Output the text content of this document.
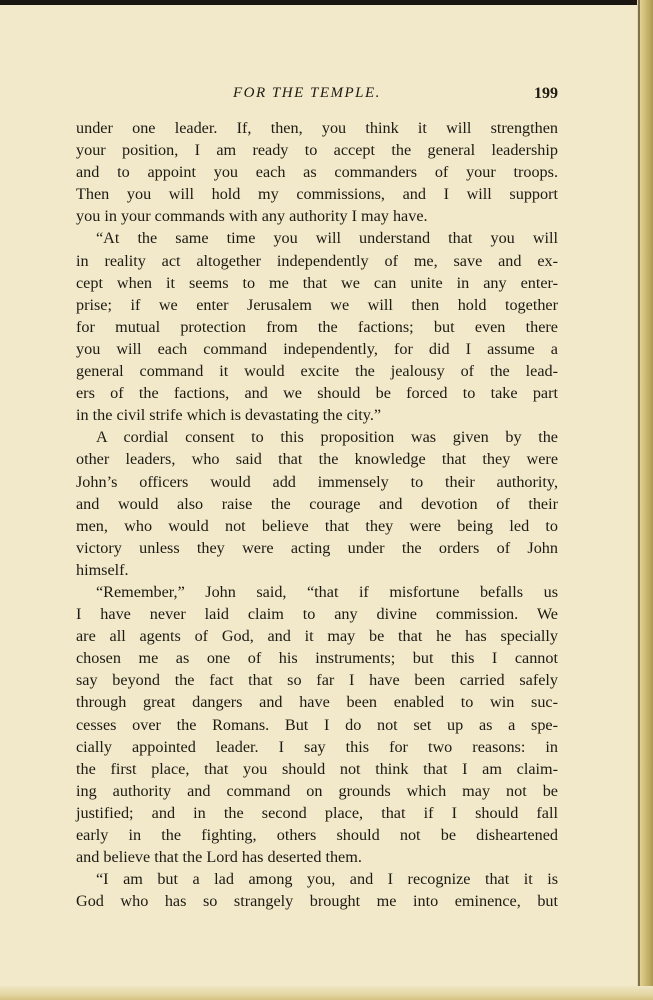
FOR THE TEMPLE.	199
under one leader. If, then, you think it will strengthen
your position, I am ready to accept the general leadership
and to appoint you each as commanders of your troops.
Then you will hold my commissions, and I will support
you in your commands with any authority I may have.
“At the same time you will understand that you will
in reality act altogether independently of me, save and ex-
cept when it seems to me that we can unite in any enter-
prise; if we enter Jerusalem we will then hold together
for mutual protection from the factions; but even there
you will each command independently, for did I assume a
general command it would excite the jealousy of the lead-
ers of the factions, and we should be forced to take part
in the civil strife which is devastating the city.”
A cordial consent to this proposition was given by the
other leaders, who said that the knowledge that they were
John’s officers would add immensely to their authority,
and would also raise the courage and devotion of their
men, who would not believe that they were being led to
victory unless they were acting under the orders of John
himself.
“Remember,” John said, “that if misfortune befalls us
I have never laid claim to any divine commission. We
are all agents of God, and it may be that he has specially
chosen me as one of his instruments; but this I cannot
say beyond the fact that so far I have been carried safely
through great dangers and have been enabled to win suc-
cesses over the Romans. But I do not set up as a spe-
cially appointed leader. I say this for two reasons: in
the first place, that you should not think that I am claim-
ing authority and command on grounds which may not be
justified; and in the second place, that if I should fall
early in the fighting, others should not be disheartened
and believe that the Lord has deserted them.
“I am but a lad among you, and I recognize that it is
God who has so strangely brought me into eminence, but
